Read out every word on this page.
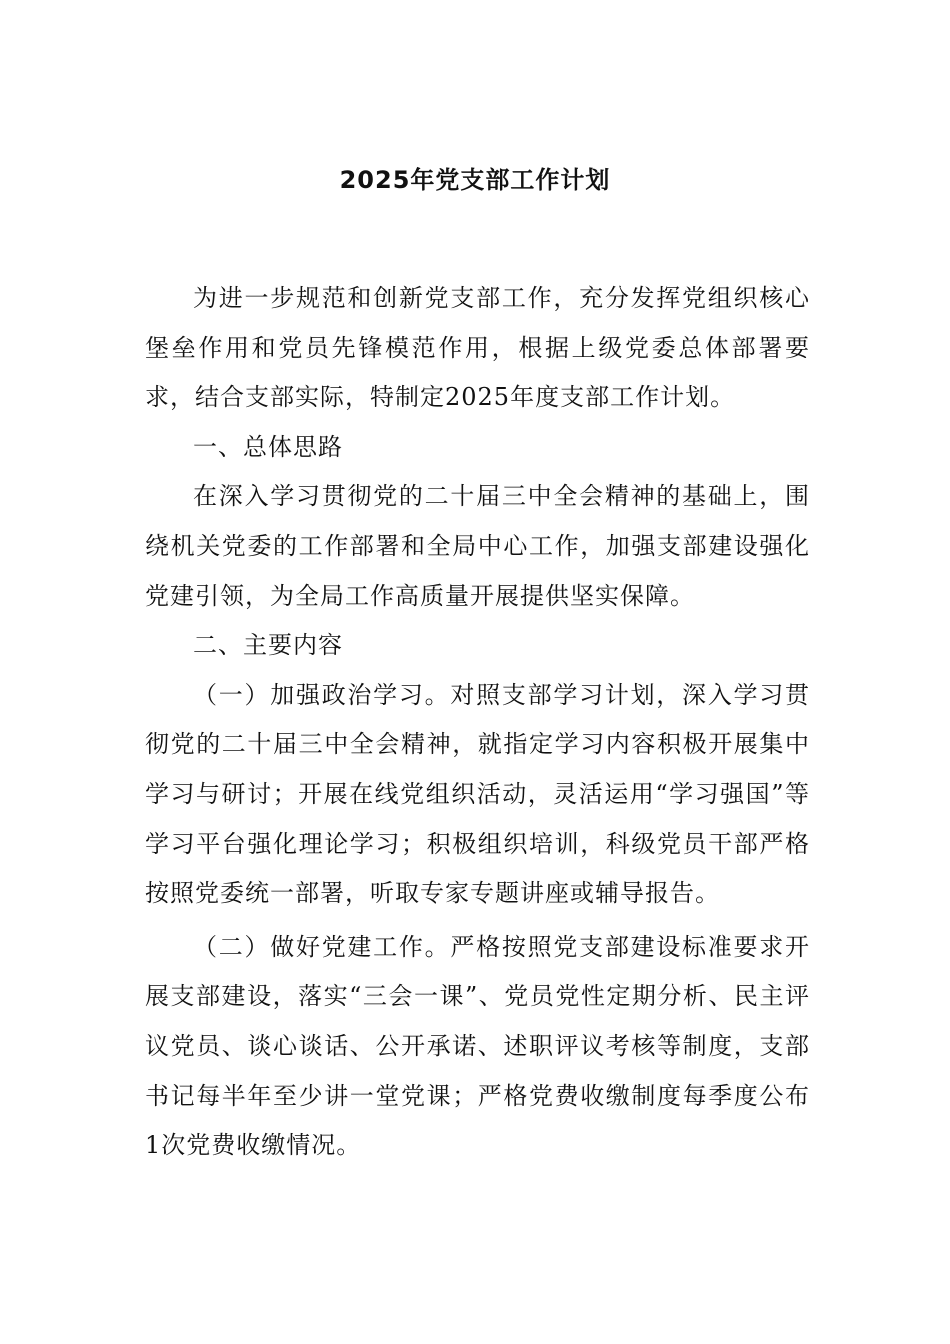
2025年党支部工作计划

为进一步规范和创新党支部工作，充分发挥党组织核心堡垒作用和党员先锋模范作用，根据上级党委总体部署要求，结合支部实际，特制定2025年度支部工作计划。

一、总体思路

在深入学习贯彻党的二十届三中全会精神的基础上，围绕机关党委的工作部署和全局中心工作，加强支部建设强化党建引领，为全局工作高质量开展提供坚实保障。

二、主要内容

（一）加强政治学习。对照支部学习计划，深入学习贯彻党的二十届三中全会精神，就指定学习内容积极开展集中学习与研讨；开展在线党组织活动，灵活运用“学习强国”等学习平台强化理论学习；积极组织培训，科级党员干部严格按照党委统一部署，听取专家专题讲座或辅导报告。

（二）做好党建工作。严格按照党支部建设标准要求开展支部建设，落实“三会一课”、党员党性定期分析、民主评议党员、谈心谈话、公开承诺、述职评议考核等制度，支部书记每半年至少讲一堂党课；严格党费收缴制度每季度公布1次党费收缴情况。
